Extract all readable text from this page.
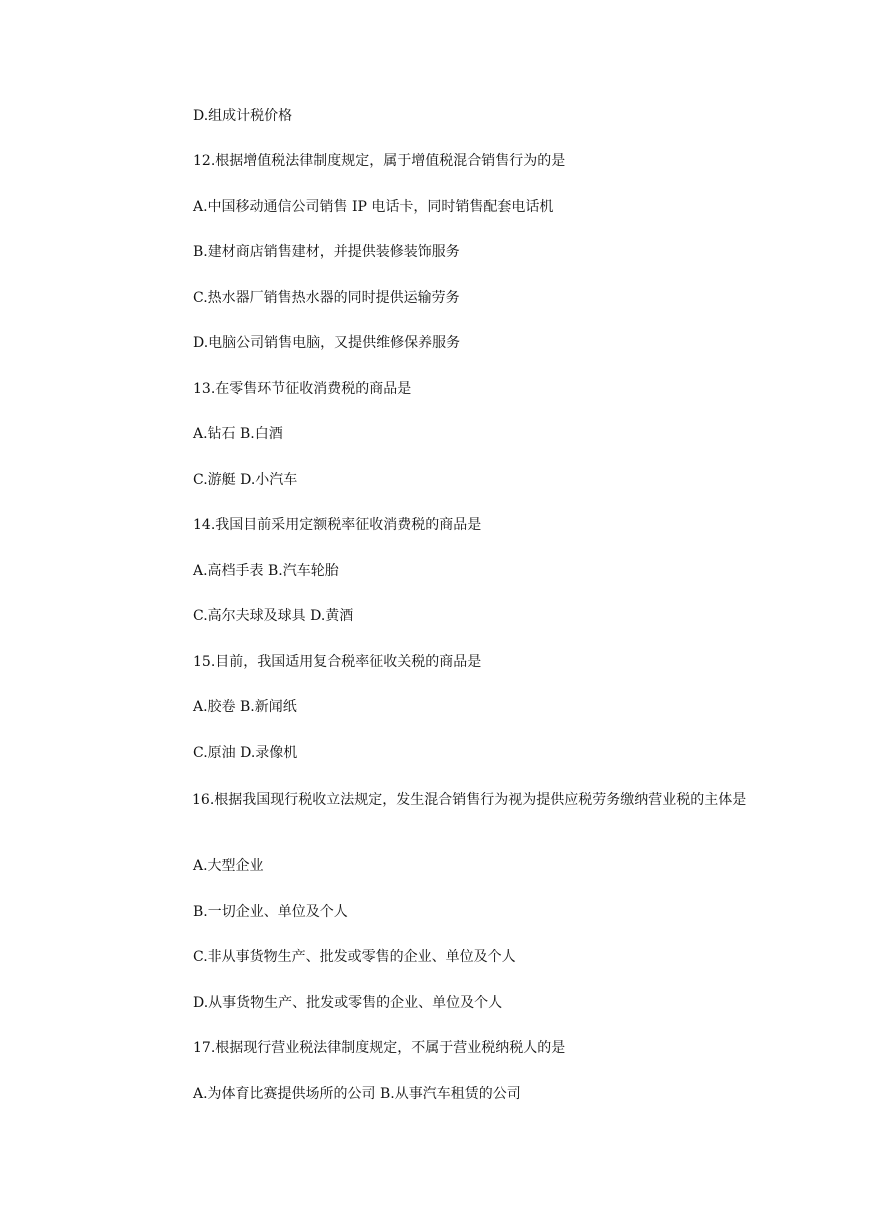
D.组成计税价格
12.根据增值税法律制度规定，属于增值税混合销售行为的是
A.中国移动通信公司销售 IP 电话卡，同时销售配套电话机
B.建材商店销售建材，并提供装修装饰服务
C.热水器厂销售热水器的同时提供运输劳务
D.电脑公司销售电脑，又提供维修保养服务
13.在零售环节征收消费税的商品是
A.钻石 B.白酒
C.游艇 D.小汽车
14.我国目前采用定额税率征收消费税的商品是
A.高档手表 B.汽车轮胎
C.高尔夫球及球具 D.黄酒
15.目前，我国适用复合税率征收关税的商品是
A.胶卷 B.新闻纸
C.原油 D.录像机
16.根据我国现行税收立法规定，发生混合销售行为视为提供应税劳务缴纳营业税的主体是
A.大型企业
B.一切企业、单位及个人
C.非从事货物生产、批发或零售的企业、单位及个人
D.从事货物生产、批发或零售的企业、单位及个人
17.根据现行营业税法律制度规定，不属于营业税纳税人的是
A.为体育比赛提供场所的公司 B.从事汽车租赁的公司
